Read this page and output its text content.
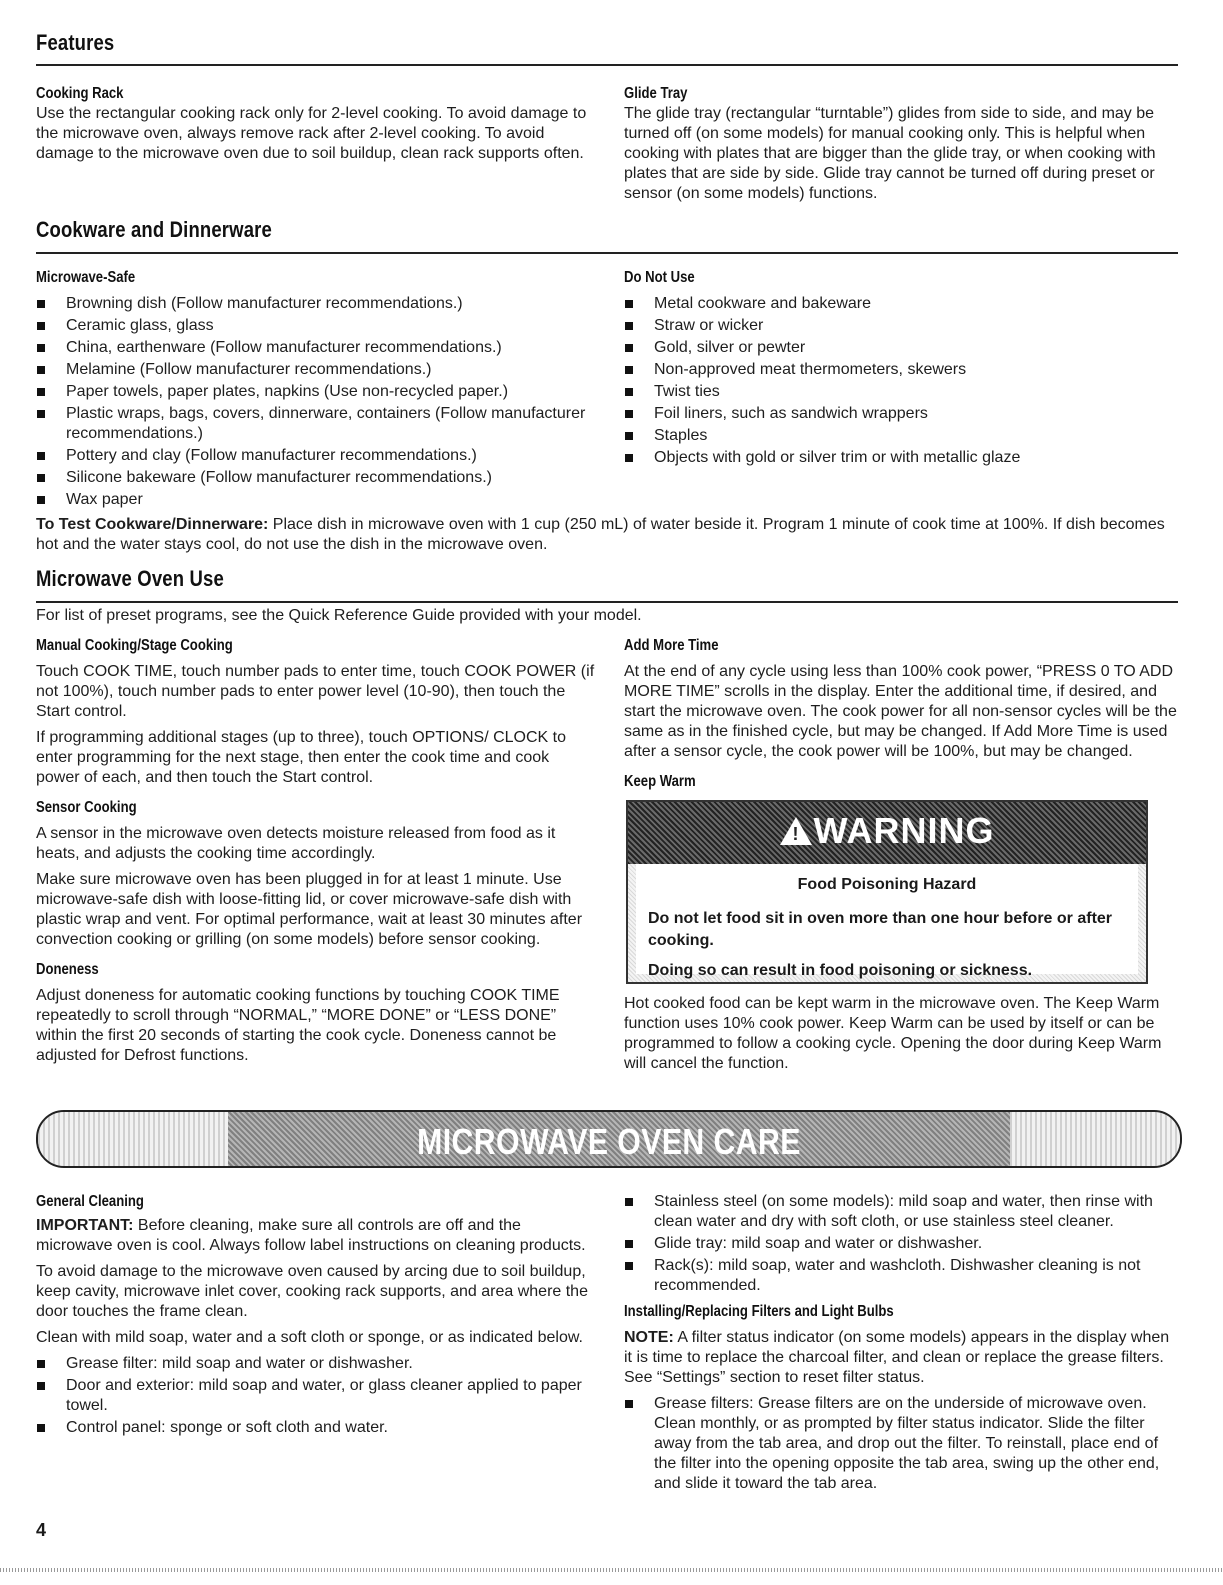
Features
Cooking Rack

Use the rectangular cooking rack only for 2-level cooking. To avoid damage to the microwave oven, always remove rack after 2-level cooking. To avoid damage to the microwave oven due to soil buildup, clean rack supports often.

Glide Tray

The glide tray (rectangular “turntable”) glides from side to side, and may be turned off (on some models) for manual cooking only. This is helpful when cooking with plates that are bigger than the glide tray, or when cooking with plates that are side by side. Glide tray cannot be turned off during preset or sensor (on some models) functions.

Cookware and Dinnerware
Microwave-Safe
Browning dish (Follow manufacturer recommendations.)
Ceramic glass, glass
China, earthenware (Follow manufacturer recommendations.)
Melamine (Follow manufacturer recommendations.)
Paper towels, paper plates, napkins (Use non-recycled paper.)
Plastic wraps, bags, covers, dinnerware, containers (Follow manufacturer recommendations.)
Pottery and clay (Follow manufacturer recommendations.)
Silicone bakeware (Follow manufacturer recommendations.)
Wax paper
Do Not Use
Metal cookware and bakeware
Straw or wicker
Gold, silver or pewter
Non-approved meat thermometers, skewers
Twist ties
Foil liners, such as sandwich wrappers
Staples
Objects with gold or silver trim or with metallic glaze
To Test Cookware/Dinnerware: Place dish in microwave oven with 1 cup (250 mL) of water beside it. Program 1 minute of cook time at 100%. If dish becomes hot and the water stays cool, do not use the dish in the microwave oven.
Microwave Oven Use
For list of preset programs, see the Quick Reference Guide provided with your model.
Manual Cooking/Stage Cooking

Touch COOK TIME, touch number pads to enter time, touch COOK POWER (if not 100%), touch number pads to enter power level (10-90), then touch the Start control.

If programming additional stages (up to three), touch OPTIONS/ CLOCK to enter programming for the next stage, then enter the cook time and cook power of each, and then touch the Start control.

Sensor Cooking

A sensor in the microwave oven detects moisture released from food as it heats, and adjusts the cooking time accordingly.

Make sure microwave oven has been plugged in for at least 1 minute. Use microwave-safe dish with loose-fitting lid, or cover microwave-safe dish with plastic wrap and vent. For optimal performance, wait at least 30 minutes after convection cooking or grilling (on some models) before sensor cooking.

Doneness

Adjust doneness for automatic cooking functions by touching COOK TIME repeatedly to scroll through “NORMAL,” “MORE DONE” or “LESS DONE” within the first 20 seconds of starting the cook cycle. Doneness cannot be adjusted for Defrost functions.

Add More Time

At the end of any cycle using less than 100% cook power, “PRESS 0 TO ADD MORE TIME” scrolls in the display. Enter the additional time, if desired, and start the microwave oven. The cook power for all non-sensor cycles will be the same as in the finished cycle, but may be changed. If Add More Time is used after a sensor cycle, the cook power will be 100%, but may be changed.

Keep Warm
! WARNING
Food Poisoning Hazard
Do not let food sit in oven more than one hour before or after cooking.
Doing so can result in food poisoning or sickness.

Hot cooked food can be kept warm in the microwave oven. The Keep Warm function uses 10% cook power. Keep Warm can be used by itself or can be programmed to follow a cooking cycle. Opening the door during Keep Warm will cancel the function.

MICROWAVE OVEN CARE
General Cleaning

IMPORTANT: Before cleaning, make sure all controls are off and the microwave oven is cool. Always follow label instructions on cleaning products.

To avoid damage to the microwave oven caused by arcing due to soil buildup, keep cavity, microwave inlet cover, cooking rack supports, and area where the door touches the frame clean.

Clean with mild soap, water and a soft cloth or sponge, or as indicated below.

Grease filter: mild soap and water or dishwasher.
Door and exterior: mild soap and water, or glass cleaner applied to paper towel.
Control panel: sponge or soft cloth and water.
Stainless steel (on some models): mild soap and water, then rinse with clean water and dry with soft cloth, or use stainless steel cleaner.
Glide tray: mild soap and water or dishwasher.
Rack(s): mild soap, water and washcloth. Dishwasher cleaning is not recommended.
Installing/Replacing Filters and Light Bulbs

NOTE: A filter status indicator (on some models) appears in the display when it is time to replace the charcoal filter, and clean or replace the grease filters. See “Settings” section to reset filter status.

Grease filters: Grease filters are on the underside of microwave oven. Clean monthly, or as prompted by filter status indicator. Slide the filter away from the tab area, and drop out the filter. To reinstall, place end of the filter into the opening opposite the tab area, swing up the other end, and slide it toward the tab area.
4
